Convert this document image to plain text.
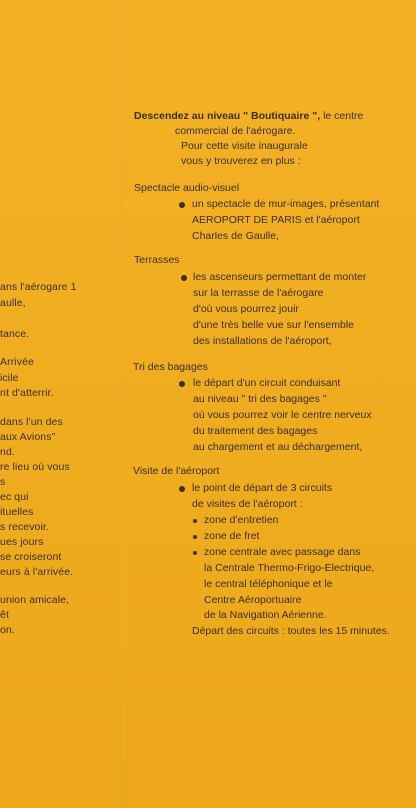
ans l'aérogare 1
aulle,
tance.
Arrivée
icile
nt d'atterrir.
dans l'un des
aux Avions"
nd.
re lieu où vous
s
ec qui
ituelles
s recevoir.
ues jours
se croiseront
eurs à l'arrivée.
union amicale,
êt
on.
Descendez au niveau " Boutiquaire ", le centre
commercial de l'aérogare.
Pour cette visite inaugurale
vous y trouverez en plus :
Spectacle audio-visuel
un spectacle de mur-images, présentant
AEROPORT DE PARIS et l'aéroport
Charles de Gaulle,
Terrasses
les ascenseurs permettant de monter
sur la terrasse de l'aérogare
d'où vous pourrez jouir
d'une très belle vue sur l'ensemble
des installations de l'aéroport,
Tri des bagages
le départ d'un circuit conduisant
au niveau " tri des bagages "
où vous pourrez voir le centre nerveux
du traitement des bagages
au chargement et au déchargement,
Visite de l'aéroport
le point de départ de 3 circuits
de visites de l'aéroport :
zone d'entretien
zone de fret
zone centrale avec passage dans
la Centrale Thermo-Frigo-Electrique,
le central téléphonique et le
Centre Aéroportuaire
de la Navigation Aérienne.
Départ des circuits : toutes les 15 minutes.
